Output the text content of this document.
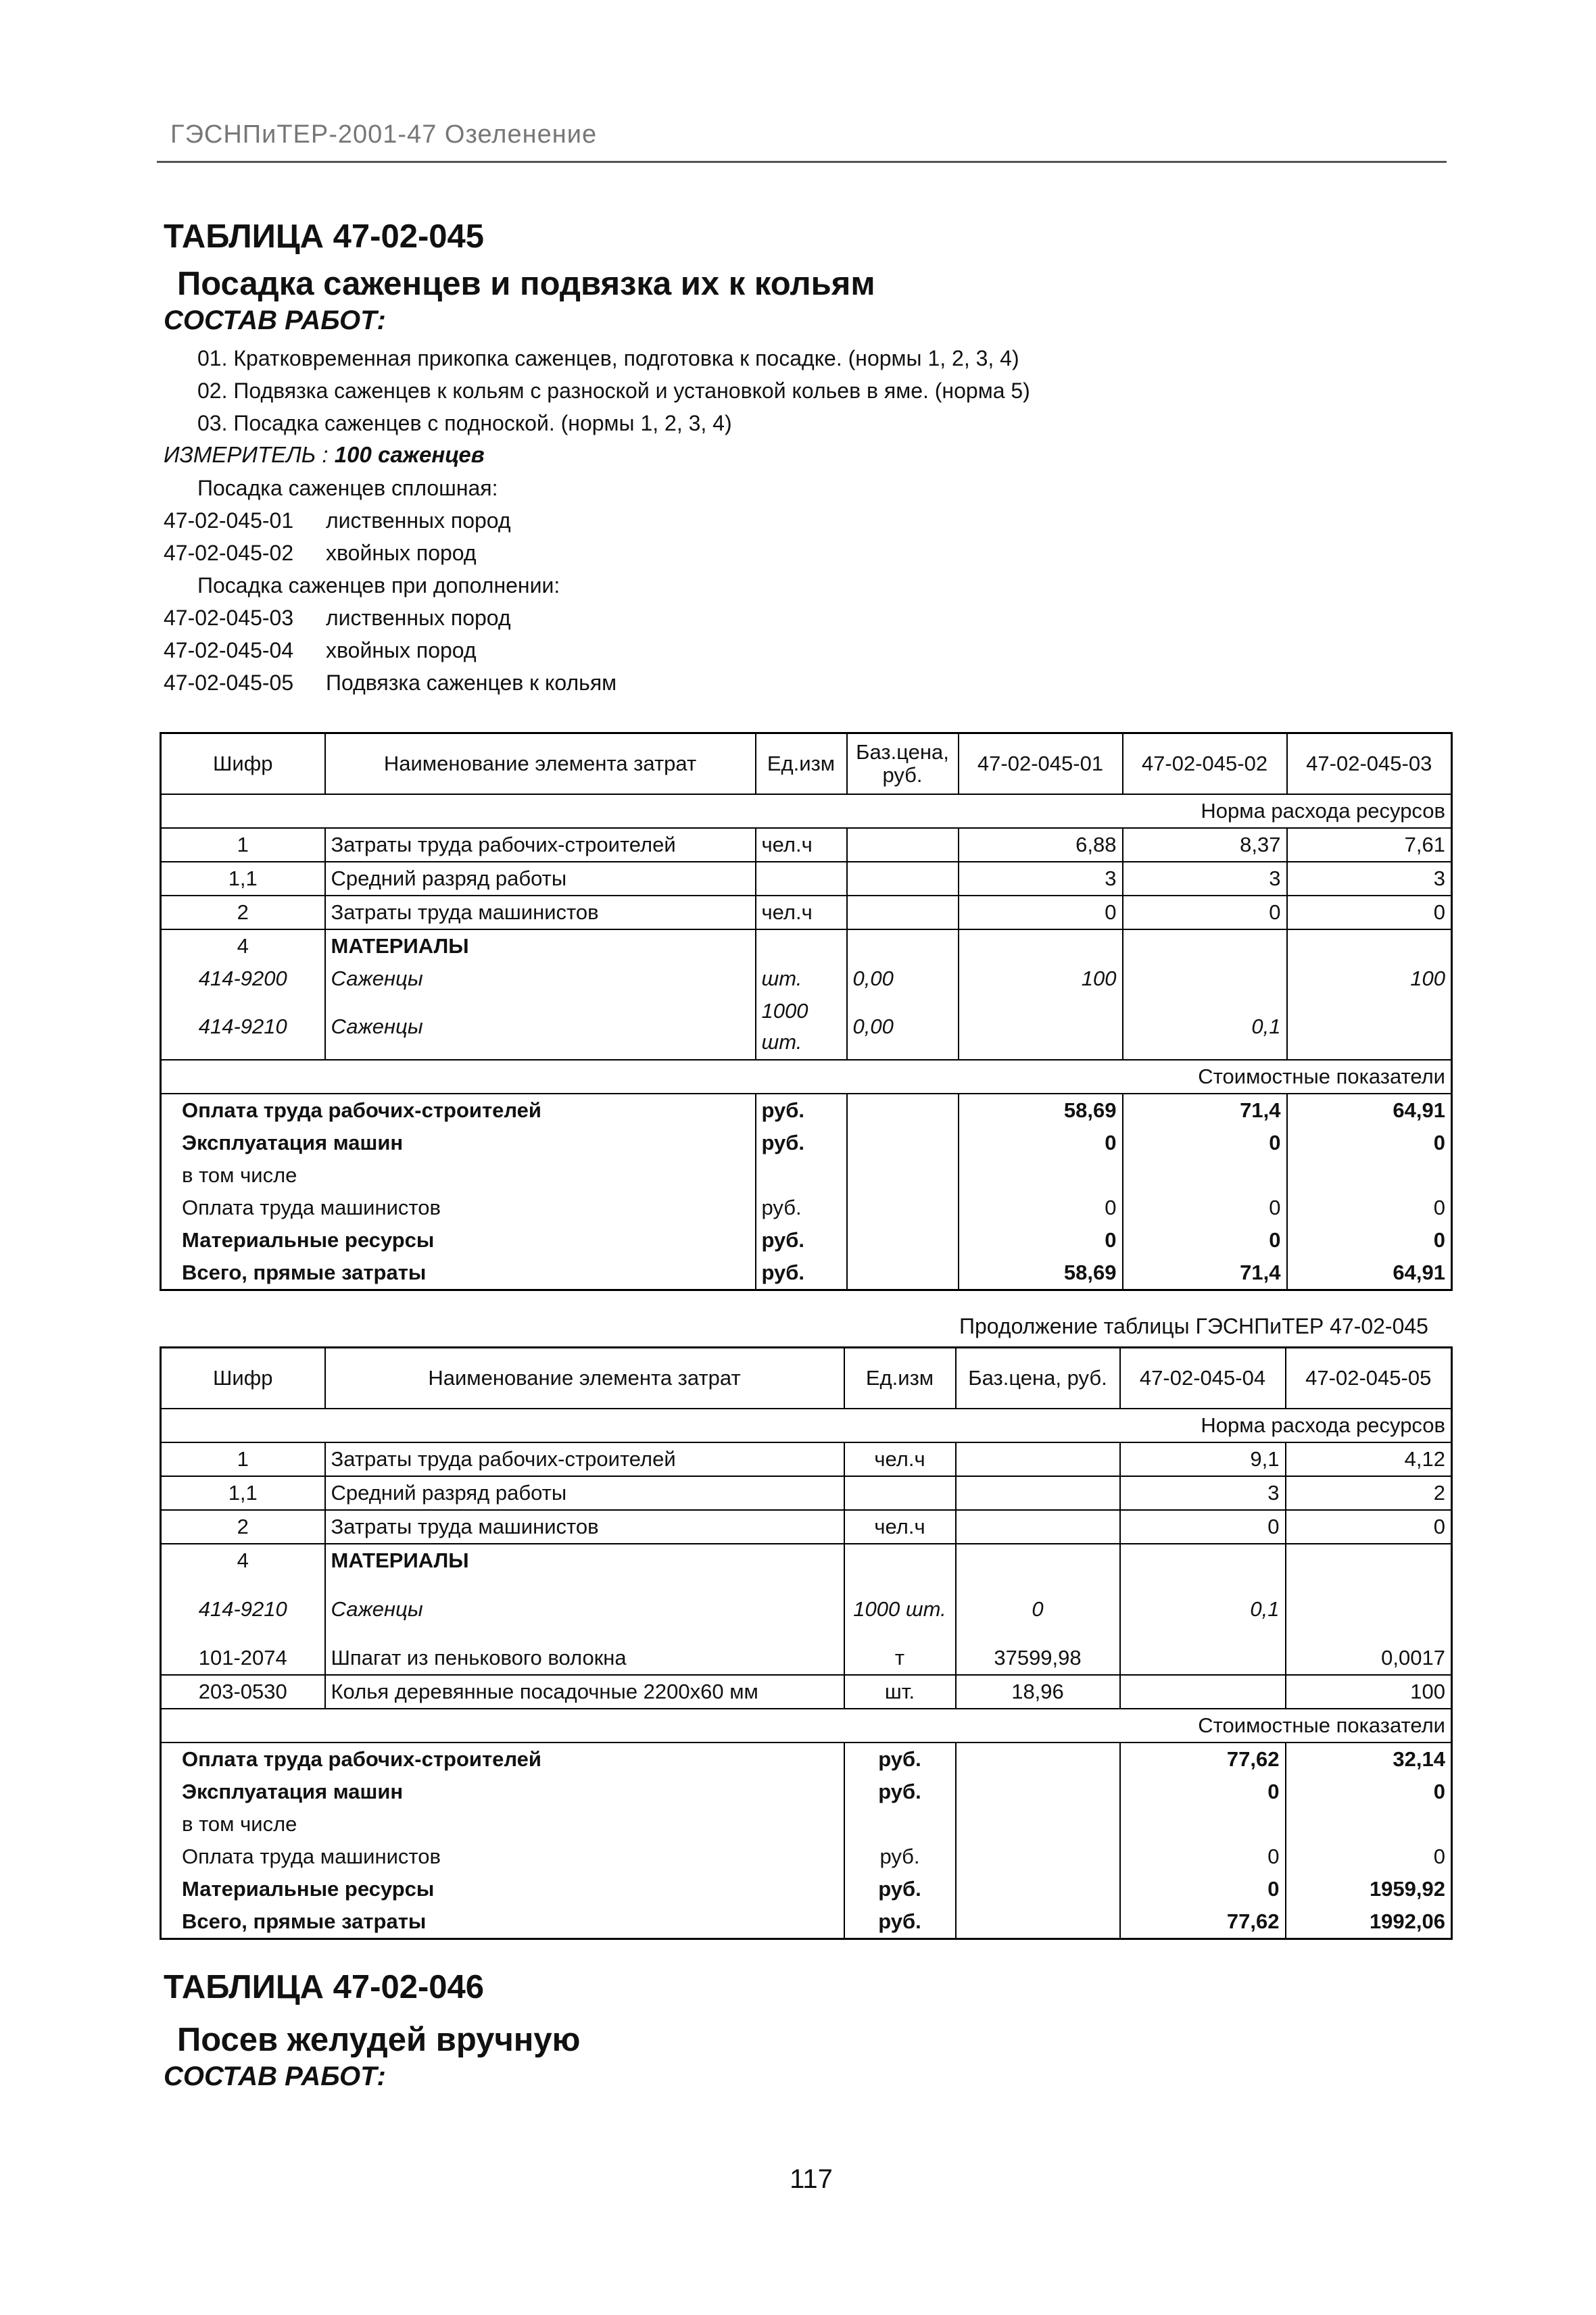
ГЭСНПиТЕР-2001-47 Озеленение
ТАБЛИЦА 47-02-045
Посадка саженцев и подвязка их к кольям
СОСТАВ РАБОТ:
01. Кратковременная прикопка саженцев, подготовка к посадке. (нормы 1, 2, 3, 4)
02. Подвязка саженцев к кольям с разноской и установкой кольев в яме. (норма 5)
03. Посадка саженцев с подноской. (нормы 1, 2, 3, 4)
ИЗМЕРИТЕЛЬ : 100 саженцев
Посадка саженцев сплошная:
47-02-045-01 лиственных пород
47-02-045-02 хвойных пород
Посадка саженцев при дополнении:
47-02-045-03 лиственных пород
47-02-045-04 хвойных пород
47-02-045-05 Подвязка саженцев к кольям
Шифр	Наименование элемента затрат	Ед.изм	Баз.цена, руб.	47-02-045-01	47-02-045-02	47-02-045-03
Норма расхода ресурсов						
1	Затраты труда рабочих-строителей	чел.ч		6,88	8,37	7,61
1,1	Средний разряд работы			3	3	3
2	Затраты труда машинистов	чел.ч		0	0	0
4	МАТЕРИАЛЫ					
414-9200	Саженцы	шт.	0,00	100		100
414-9210	Саженцы	1000 шт.	0,00		0,1	
Стоимостные показатели						
Оплата труда рабочих-строителей		руб.		58,69	71,4	64,91
Эксплуатация машин		руб.		0	0	0
в том числе						
Оплата труда машинистов		руб.		0	0	0
Материальные ресурсы		руб.		0	0	0
Всего, прямые затраты		руб.		58,69	71,4	64,91
Продолжение таблицы ГЭСНПиТЕР 47-02-045
Шифр	Наименование элемента затрат	Ед.изм	Баз.цена, руб.	47-02-045-04	47-02-045-05
Норма расхода ресурсов					
1	Затраты труда рабочих-строителей	чел.ч		9,1	4,12
1,1	Средний разряд работы			3	2
2	Затраты труда машинистов	чел.ч		0	0
4	МАТЕРИАЛЫ				
414-9210	Саженцы	1000 шт.	0	0,1	
101-2074	Шпагат из пенькового волокна	т	37599,98		0,0017
203-0530	Колья деревянные посадочные 2200x60 мм	шт.	18,96		100
Стоимостные показатели					
Оплата труда рабочих-строителей		руб.		77,62	32,14
Эксплуатация машин		руб.		0	0
в том числе					
Оплата труда машинистов		руб.		0	0
Материальные ресурсы		руб.		0	1959,92
Всего, прямые затраты		руб.		77,62	1992,06
ТАБЛИЦА 47-02-046
Посев желудей вручную
СОСТАВ РАБОТ:
117
